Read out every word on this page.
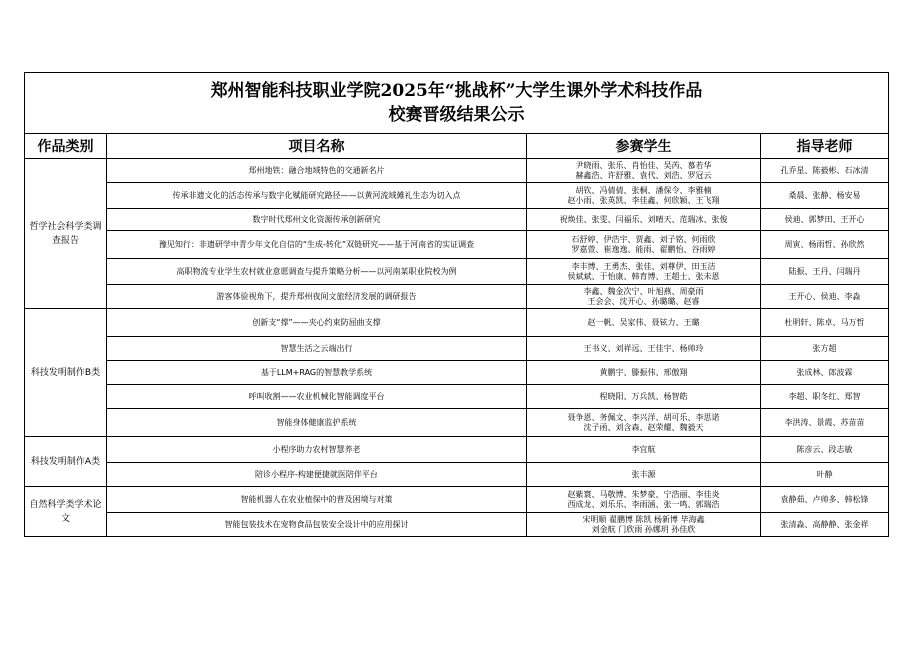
郑州智能科技职业学院2025年“挑战杯”大学生课外学术科技作品
校赛晋级结果公示			

作品类别	项目名称	参赛学生	指导老师
哲学社会科学类调查报告	郑州地铁：融合地域特色的交通新名片	尹晓雨、张乐、肖怡佳、吴芮、慕若华
赫鑫浩、许舒雅、袁代、刘浩、罗冠云	孔乔星、陈毅彬、石冰清
	传承非遗文化的活态传承与数字化赋能研究路径——以黄河流域傩礼生态为切入点	胡钦、冯倩倩、张桐、潘保令、李雅楠
赵小雨、张英凯、李佳鑫、何欣颖、王飞翔	桑晨、张静、杨安易
	数字时代郑州文化资源传承创新研究	祝焕佳、张雯、闫福乐、刘晴天、范瑞冰、张俊	侯迪、郭梦田、王开心
	豫见知行：非遗研学中青少年文化自信的“生成-转化”双链研究——基于河南省的实证调查	石舒婷、伊浩宇、贾鑫、刘子铭、何雨欣
罗嘉萱、崔逸逸、能雨、翟鹏怡、谷雨婷	周寅、杨雨哲、孙欣然
	高职物流专业学生农村就业意愿调查与提升策略分析——以河南某职业院校为例	李丰博、王勇杰、张佳、刘尊伊、田玉洁
侯斌斌、于怡康、韩育博、王超士、张未恩	陆振、王丹、闫瑞丹
	游客体验视角下，提升郑州夜间文旅经济发展的调研报告	李鑫、魏金次宁、叶旭燕、周豪雨
王会会、沈开心、孙璐璐、赵睿	王开心、侯迪、李淼
科技发明制作B类	创新支“撑”——夹心约束防屈曲支撑	赵一帆、吴家伟、聂铉力、王璐	杜明轩、陈卓、马万哲
	智慧生活之云端出行	王书义、刘祥远、王佳宇、杨帅玲	张方超
	基于LLM+RAG的智慧教学系统	黄鹏宇、滕振伟、邢傲翔	张成林、郎波霖
	呼叫收割——农业机械化智能调度平台	程晓阳、万兵凯、杨智皓	李超、职冬红、郑智
	智能身体健康监护系统	聂争恩、务佩文、李兴洋、胡可乐、李思诺
沈子函、刘含森、赵荣耀、魏毅天	李洪涛、景霞、苏苗苗
科技发明制作A类	小程序助力农村智慧养老	李宜航	陈彦云、段志敏
	陪诊小程序-构建便捷就医陪伴平台	张丰源	叶静
自然科学类学术论文	智能机器人在农业植保中的普及困境与对策	赵紫寰、马敬博、朱梦豪、宁浩丽、李佳炎
西成龙、刘乐乐、李雨涵、张一鸣、郭瑞浩	袁静茹、卢帅多、韩松锋
	智能包装技术在宠物食品包装安全设计中的应用探讨	宋明顺 翟鹏博 陈凯 杨新博 毕海鑫
刘金航 门欣雨 孙娜玥 孙佳欣	张清淼、高静静、张金祥
